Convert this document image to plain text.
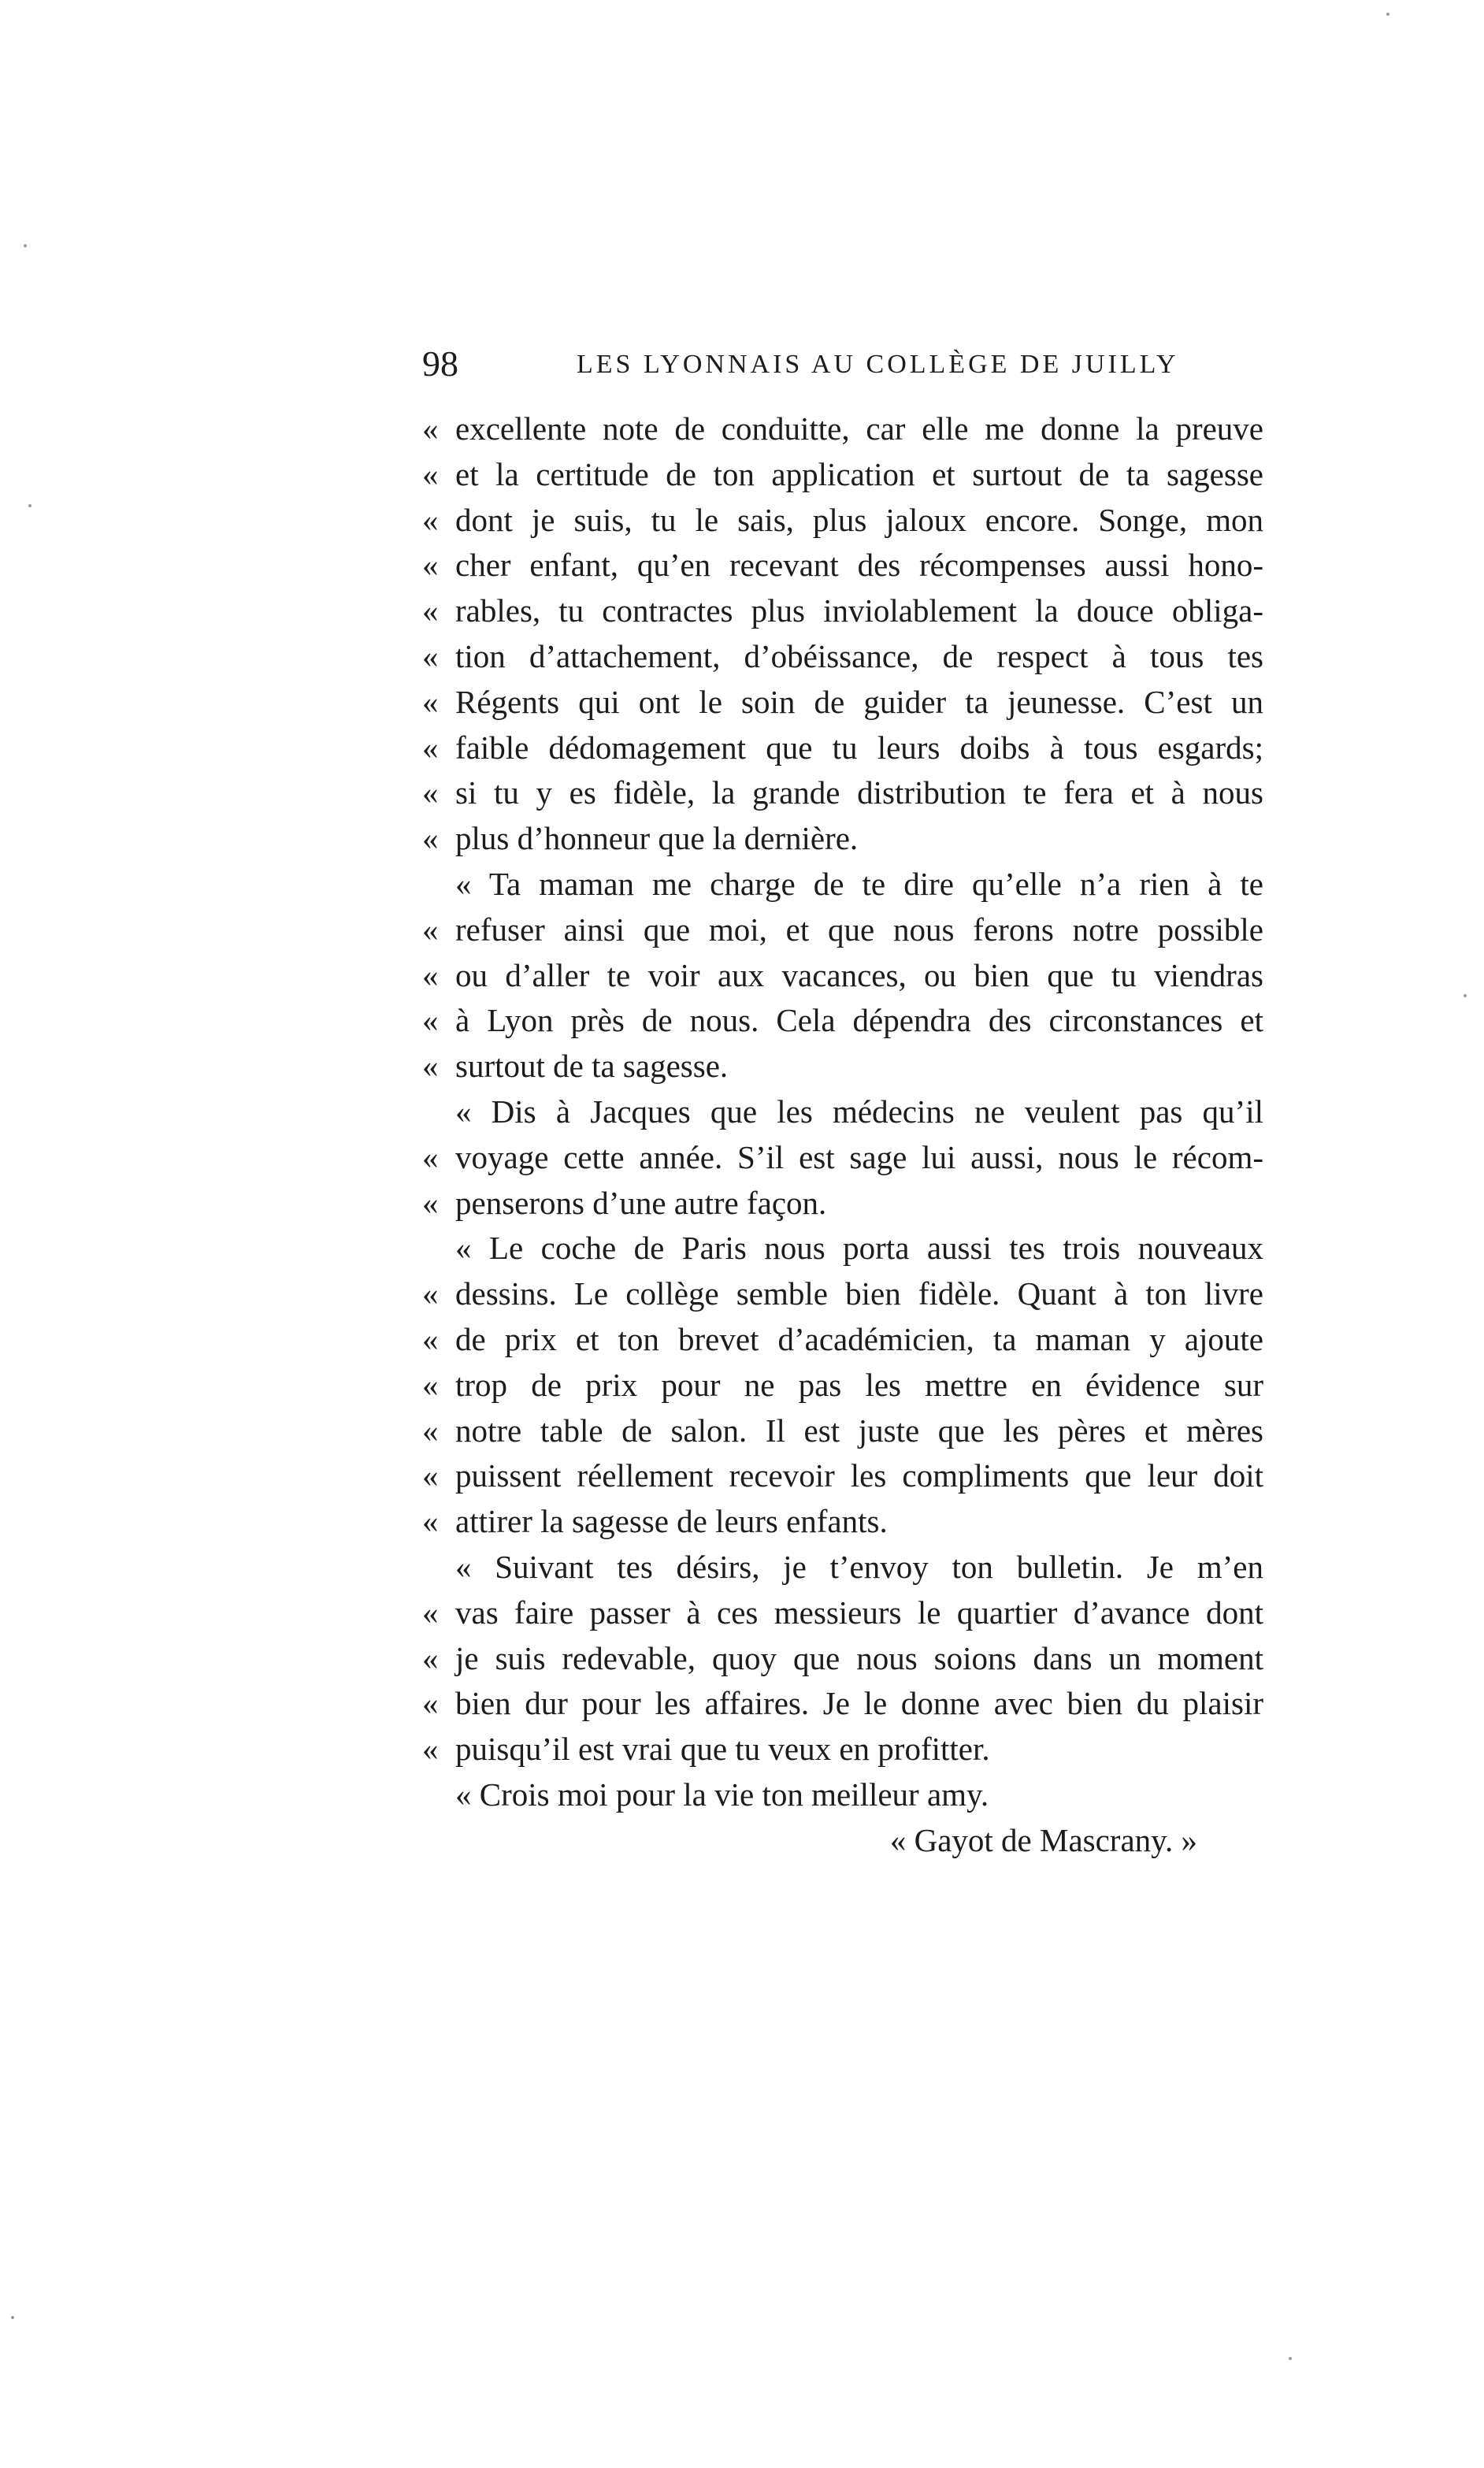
98	LES LYONNAIS AU COLLÈGE DE JUILLY
« excellente note de conduitte, car elle me donne la preuve
« et la certitude de ton application et surtout de ta sagesse
« dont je suis, tu le sais, plus jaloux encore. Songe, mon
« cher enfant, qu’en recevant des récompenses aussi hono-
« rables, tu contractes plus inviolablement la douce obliga-
« tion d’attachement, d’obéissance, de respect à tous tes
« Régents qui ont le soin de guider ta jeunesse. C’est un
« faible dédomagement que tu leurs doibs à tous esgards;
« si tu y es fidèle, la grande distribution te fera et à nous
« plus d’honneur que la dernière.
« Ta maman me charge de te dire qu’elle n’a rien à te
« refuser ainsi que moi, et que nous ferons notre possible
« ou d’aller te voir aux vacances, ou bien que tu viendras
« à Lyon près de nous. Cela dépendra des circonstances et
« surtout de ta sagesse.
« Dis à Jacques que les médecins ne veulent pas qu’il
« voyage cette année. S’il est sage lui aussi, nous le récom-
« penserons d’une autre façon.
« Le coche de Paris nous porta aussi tes trois nouveaux
« dessins. Le collège semble bien fidèle. Quant à ton livre
« de prix et ton brevet d’académicien, ta maman y ajoute
« trop de prix pour ne pas les mettre en évidence sur
« notre table de salon. Il est juste que les pères et mères
« puissent réellement recevoir les compliments que leur doit
« attirer la sagesse de leurs enfants.
« Suivant tes désirs, je t’envoy ton bulletin. Je m’en
« vas faire passer à ces messieurs le quartier d’avance dont
« je suis redevable, quoy que nous soions dans un moment
« bien dur pour les affaires. Je le donne avec bien du plaisir
« puisqu’il est vrai que tu veux en profitter.
« Crois moi pour la vie ton meilleur amy.
« Gayot de Mascrany. »
